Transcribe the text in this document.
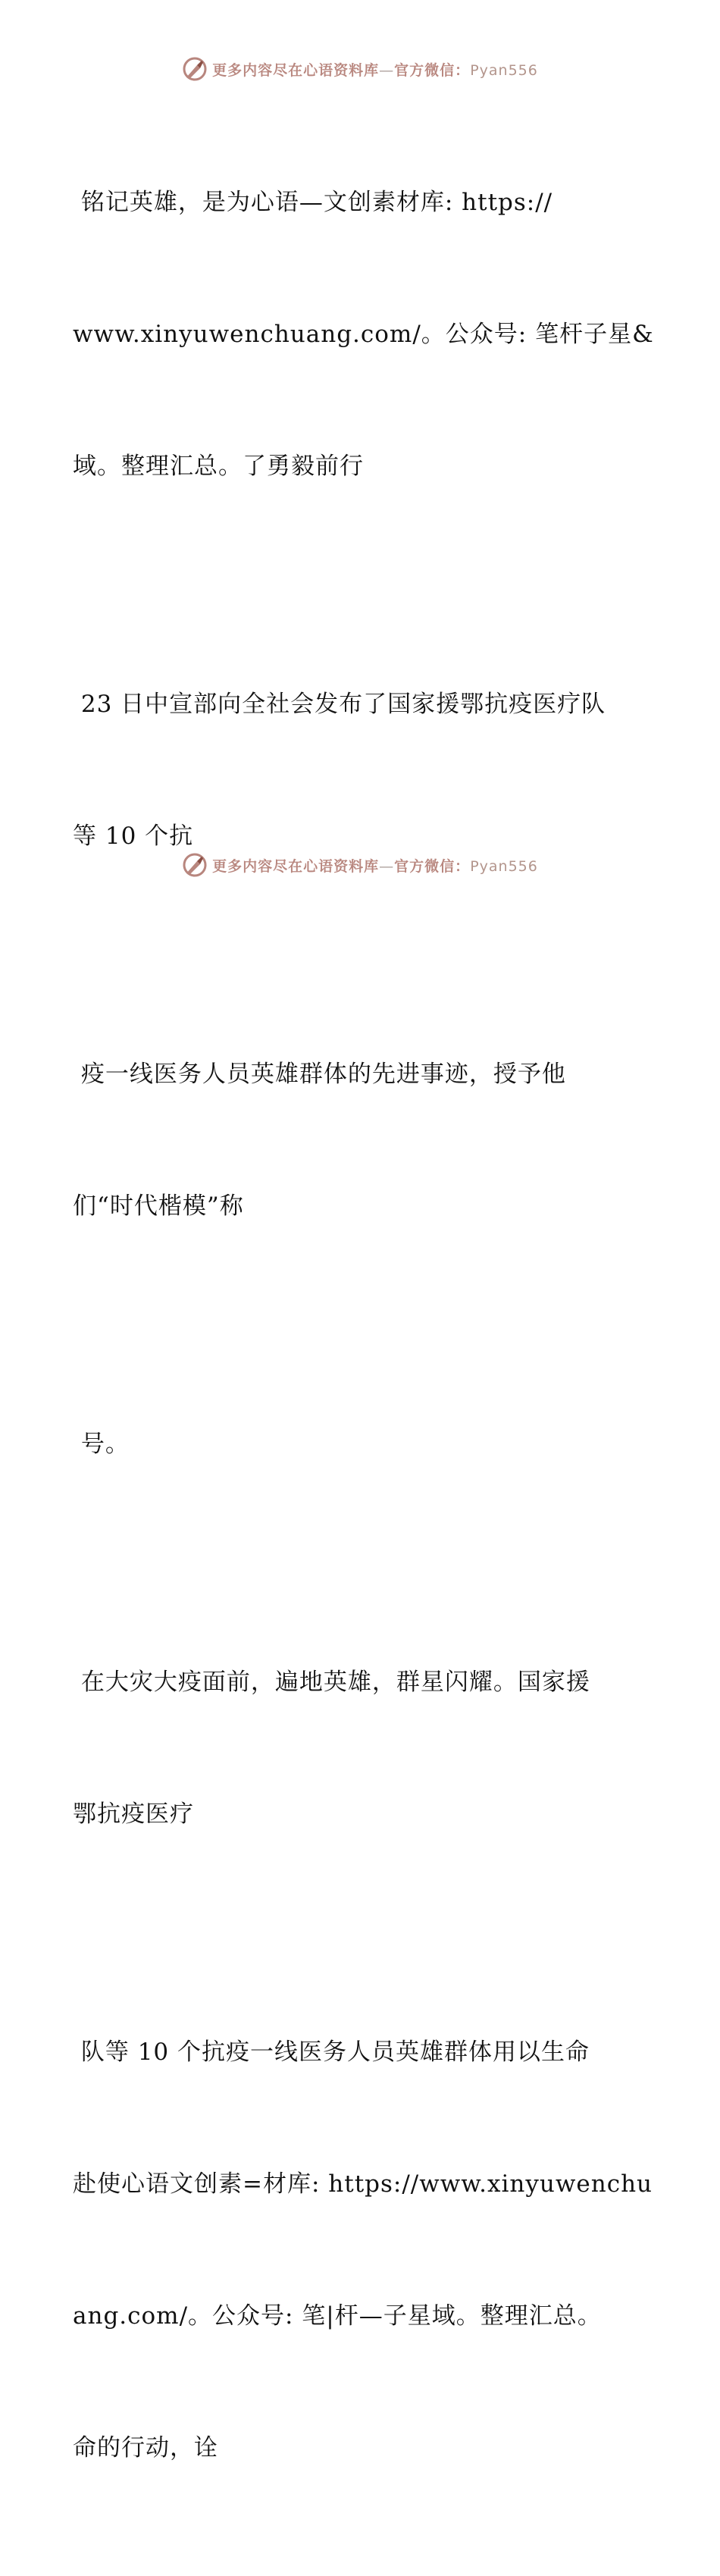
更多内容尽在心语资料库—官方微信：Pyan556

铭记英雄，是为心语—文创素材库: https://

www.xinyuwenchuang.com/。公众号: 笔杆子星&

域。整理汇总。了勇毅前行

23 日中宣部向全社会发布了国家援鄂抗疫医疗队

等 10 个抗

疫一线医务人员英雄群体的先进事迹，授予他

们“时代楷模”称

号。

在大灾大疫面前，遍地英雄，群星闪耀。国家援

鄂抗疫医疗

队等 10 个抗疫一线医务人员英雄群体用以生命

赴使心语文创素=材库: https://www.xinyuwenchu

ang.com/。公众号: 笔|杆—子星域。整理汇总。

命的行动，诠

更多内容尽在心语资料库—官方微信：Pyan556
